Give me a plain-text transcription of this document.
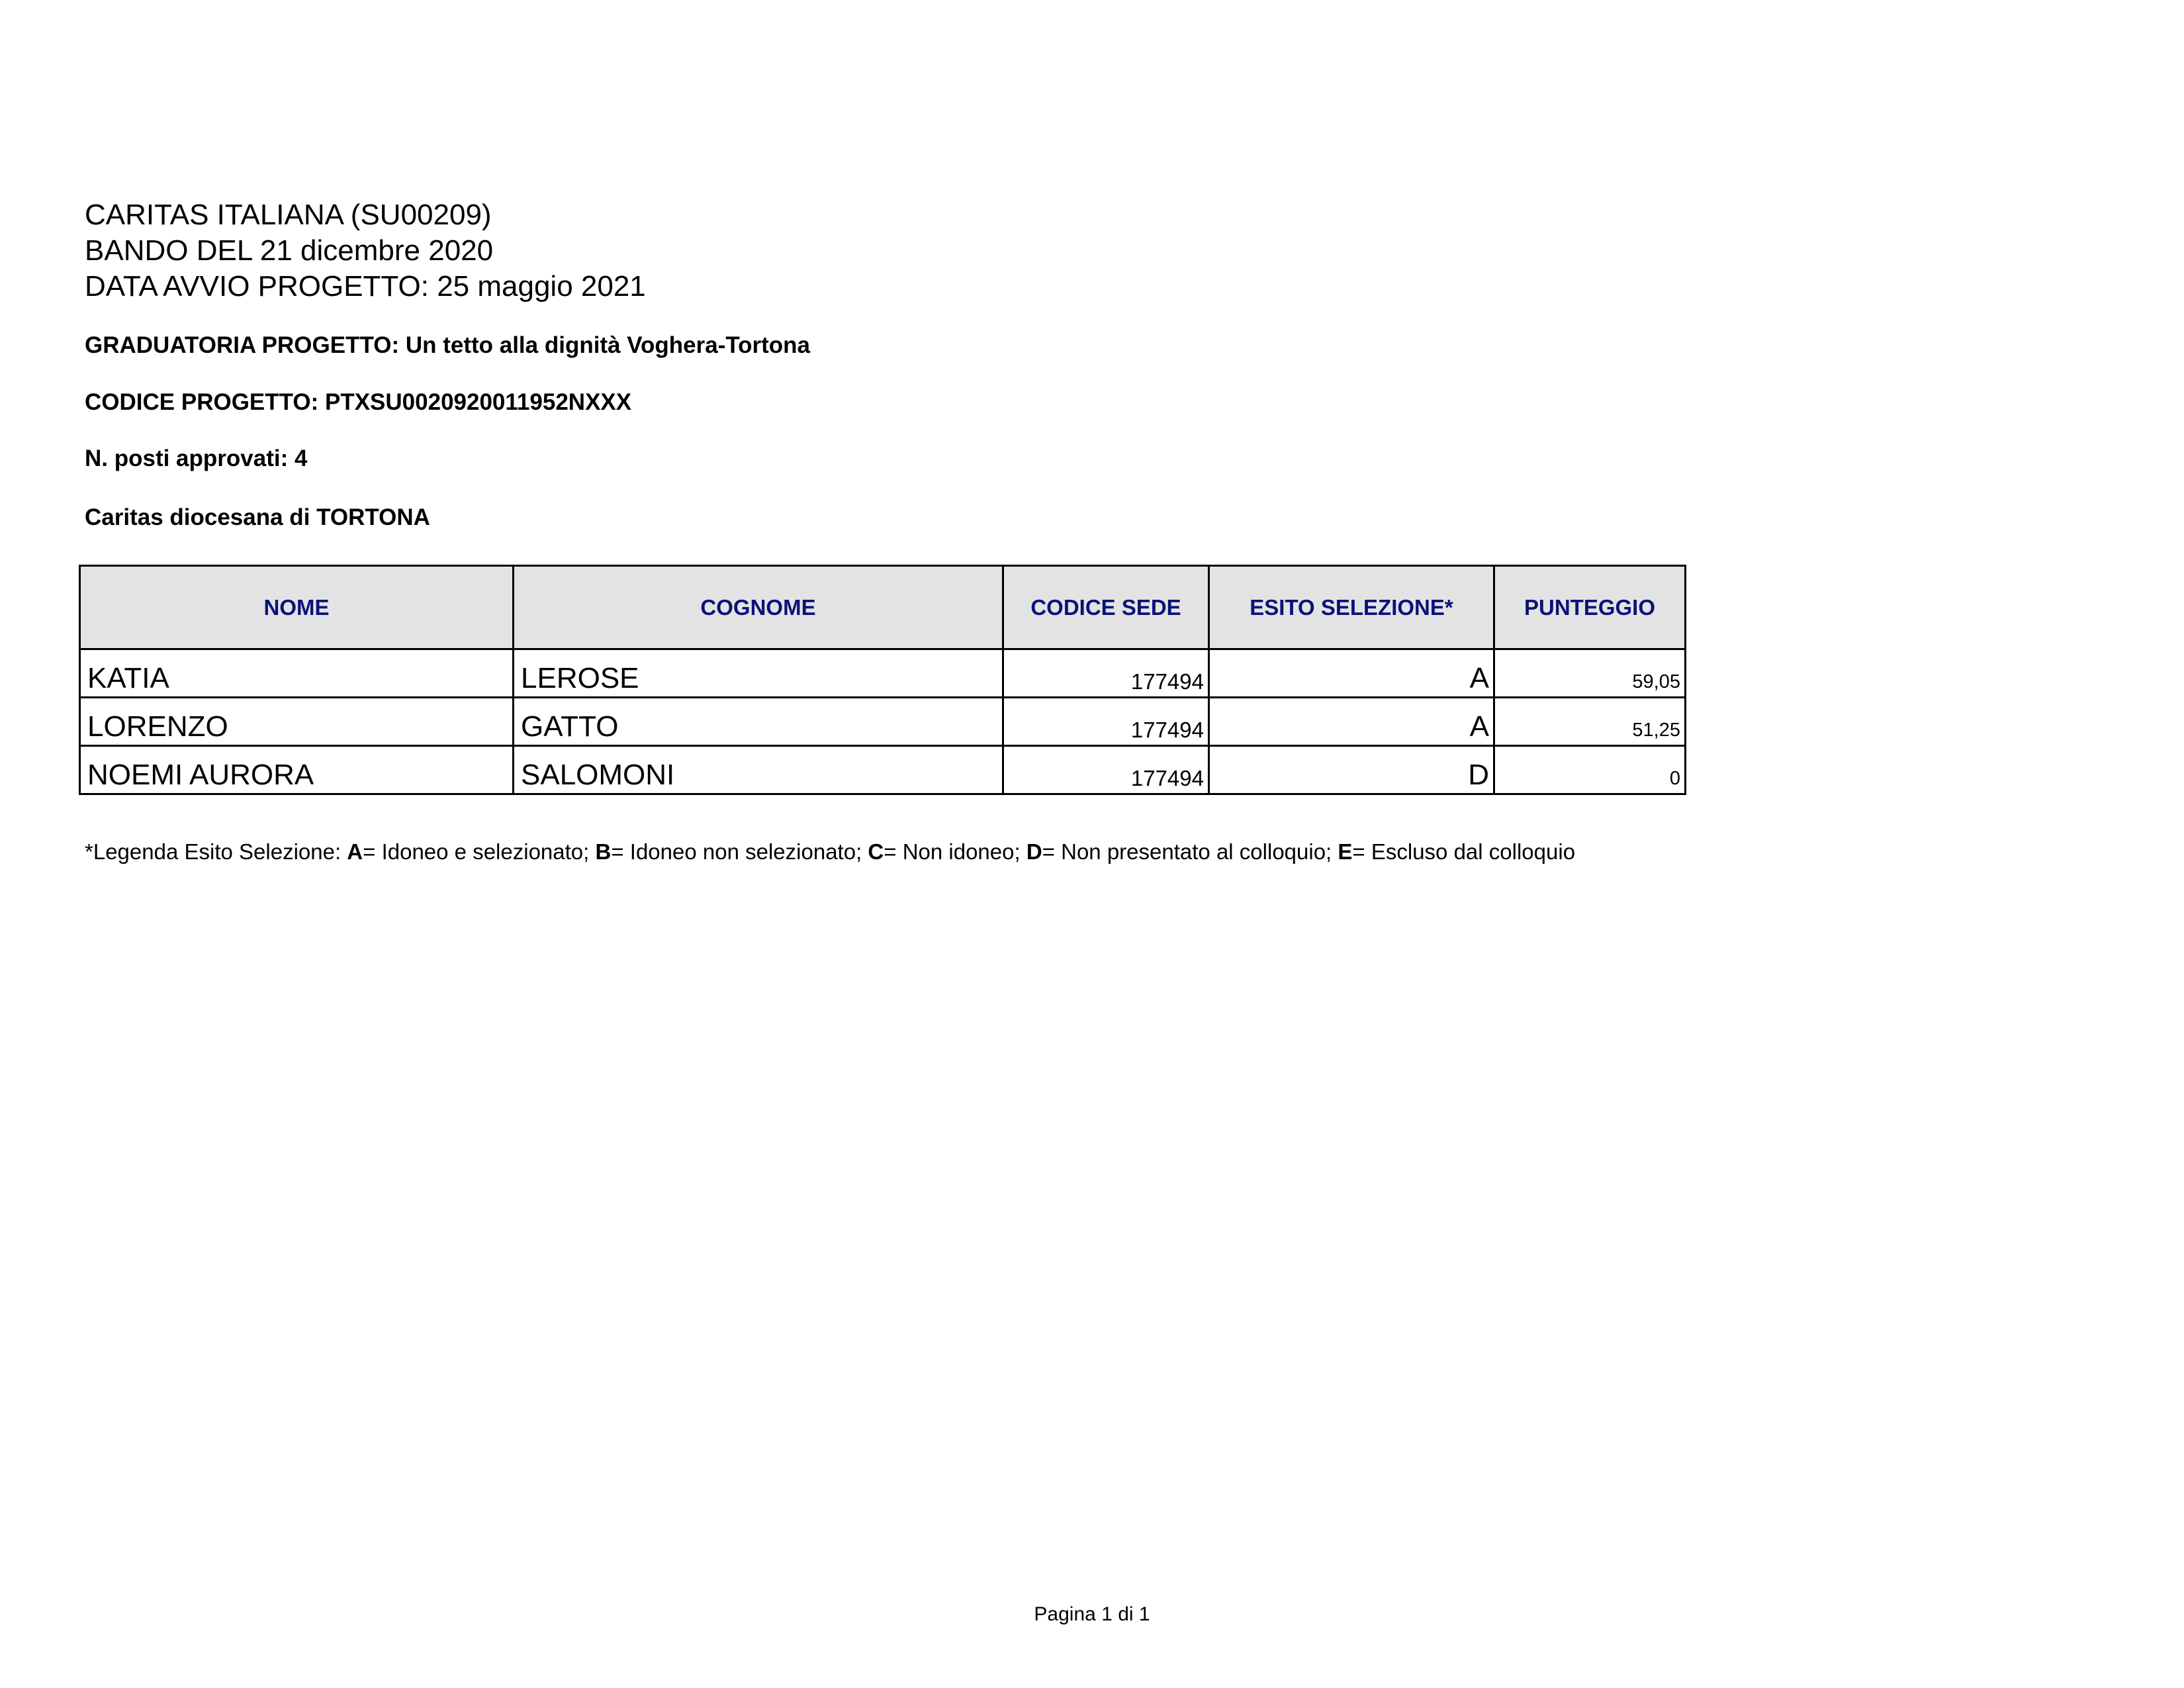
CARITAS ITALIANA (SU00209)
BANDO DEL 21 dicembre 2020
DATA AVVIO PROGETTO: 25 maggio 2021
GRADUATORIA PROGETTO: Un tetto alla dignità Voghera-Tortona
CODICE PROGETTO: PTXSU0020920011952NXXX
N. posti approvati: 4
Caritas diocesana di TORTONA
NOME	COGNOME	CODICE SEDE	ESITO SELEZIONE*	PUNTEGGIO
KATIA	LEROSE	177494	A	59,05
LORENZO	GATTO	177494	A	51,25
NOEMI AURORA	SALOMONI	177494	D	0
*Legenda Esito Selezione: A= Idoneo e selezionato; B= Idoneo non selezionato; C= Non idoneo; D= Non presentato al colloquio; E= Escluso dal colloquio
Pagina 1 di 1
